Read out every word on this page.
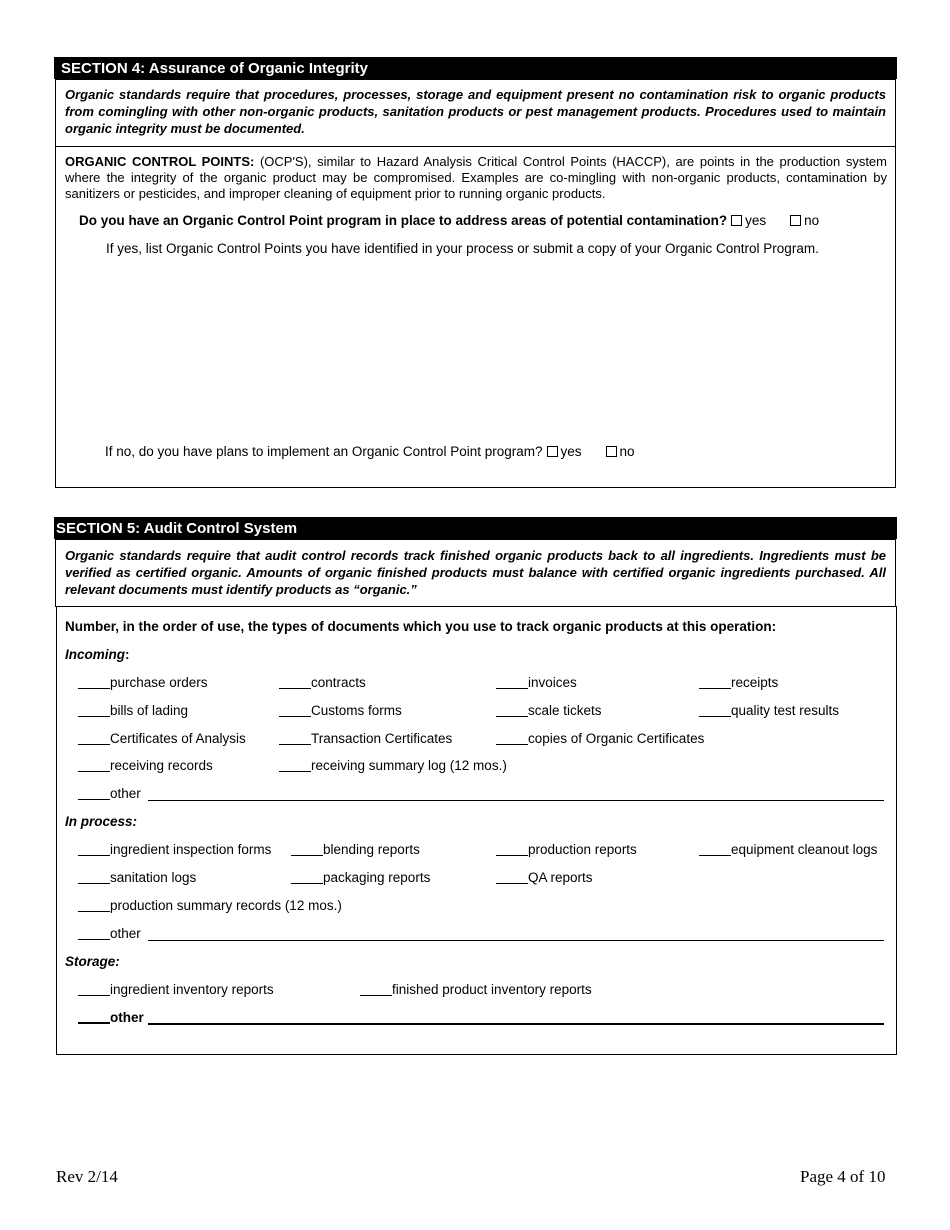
SECTION 4: Assurance of Organic Integrity
Organic standards require that procedures, processes, storage and equipment present no contamination risk to organic products from comingling with other non-organic products, sanitation products or pest management products. Procedures used to maintain organic integrity must be documented.
ORGANIC CONTROL POINTS: (OCP'S), similar to Hazard Analysis Critical Control Points (HACCP), are points in the production system where the integrity of the organic product may be compromised. Examples are co-mingling with non-organic products, contamination by sanitizers or pesticides, and improper cleaning of equipment prior to running organic products.
Do you have an Organic Control Point program in place to address areas of potential contamination? yes	no
If yes, list Organic Control Points you have identified in your process or submit a copy of your Organic Control Program.
If no, do you have plans to implement an Organic Control Point program? yes	no
SECTION 5: Audit Control System
Organic standards require that audit control records track finished organic products back to all ingredients. Ingredients must be verified as certified organic. Amounts of organic finished products must balance with certified organic ingredients purchased. All relevant documents must identify products as “organic.”
Number, in the order of use, the types of documents which you use to track organic products at this operation:
Incoming:
purchase orders	contracts	invoices	receipts
bills of lading	Customs forms	scale tickets	quality test results
Certificates of Analysis	Transaction Certificates	copies of Organic Certificates
receiving records	receiving summary log (12 mos.)
other
In process:
ingredient inspection forms	blending reports	production reports	equipment cleanout logs
sanitation logs	packaging reports	QA reports
production summary records (12 mos.)
other
Storage:
ingredient inventory reports	finished product inventory reports
other
Rev 2/14	Page 4 of 10
